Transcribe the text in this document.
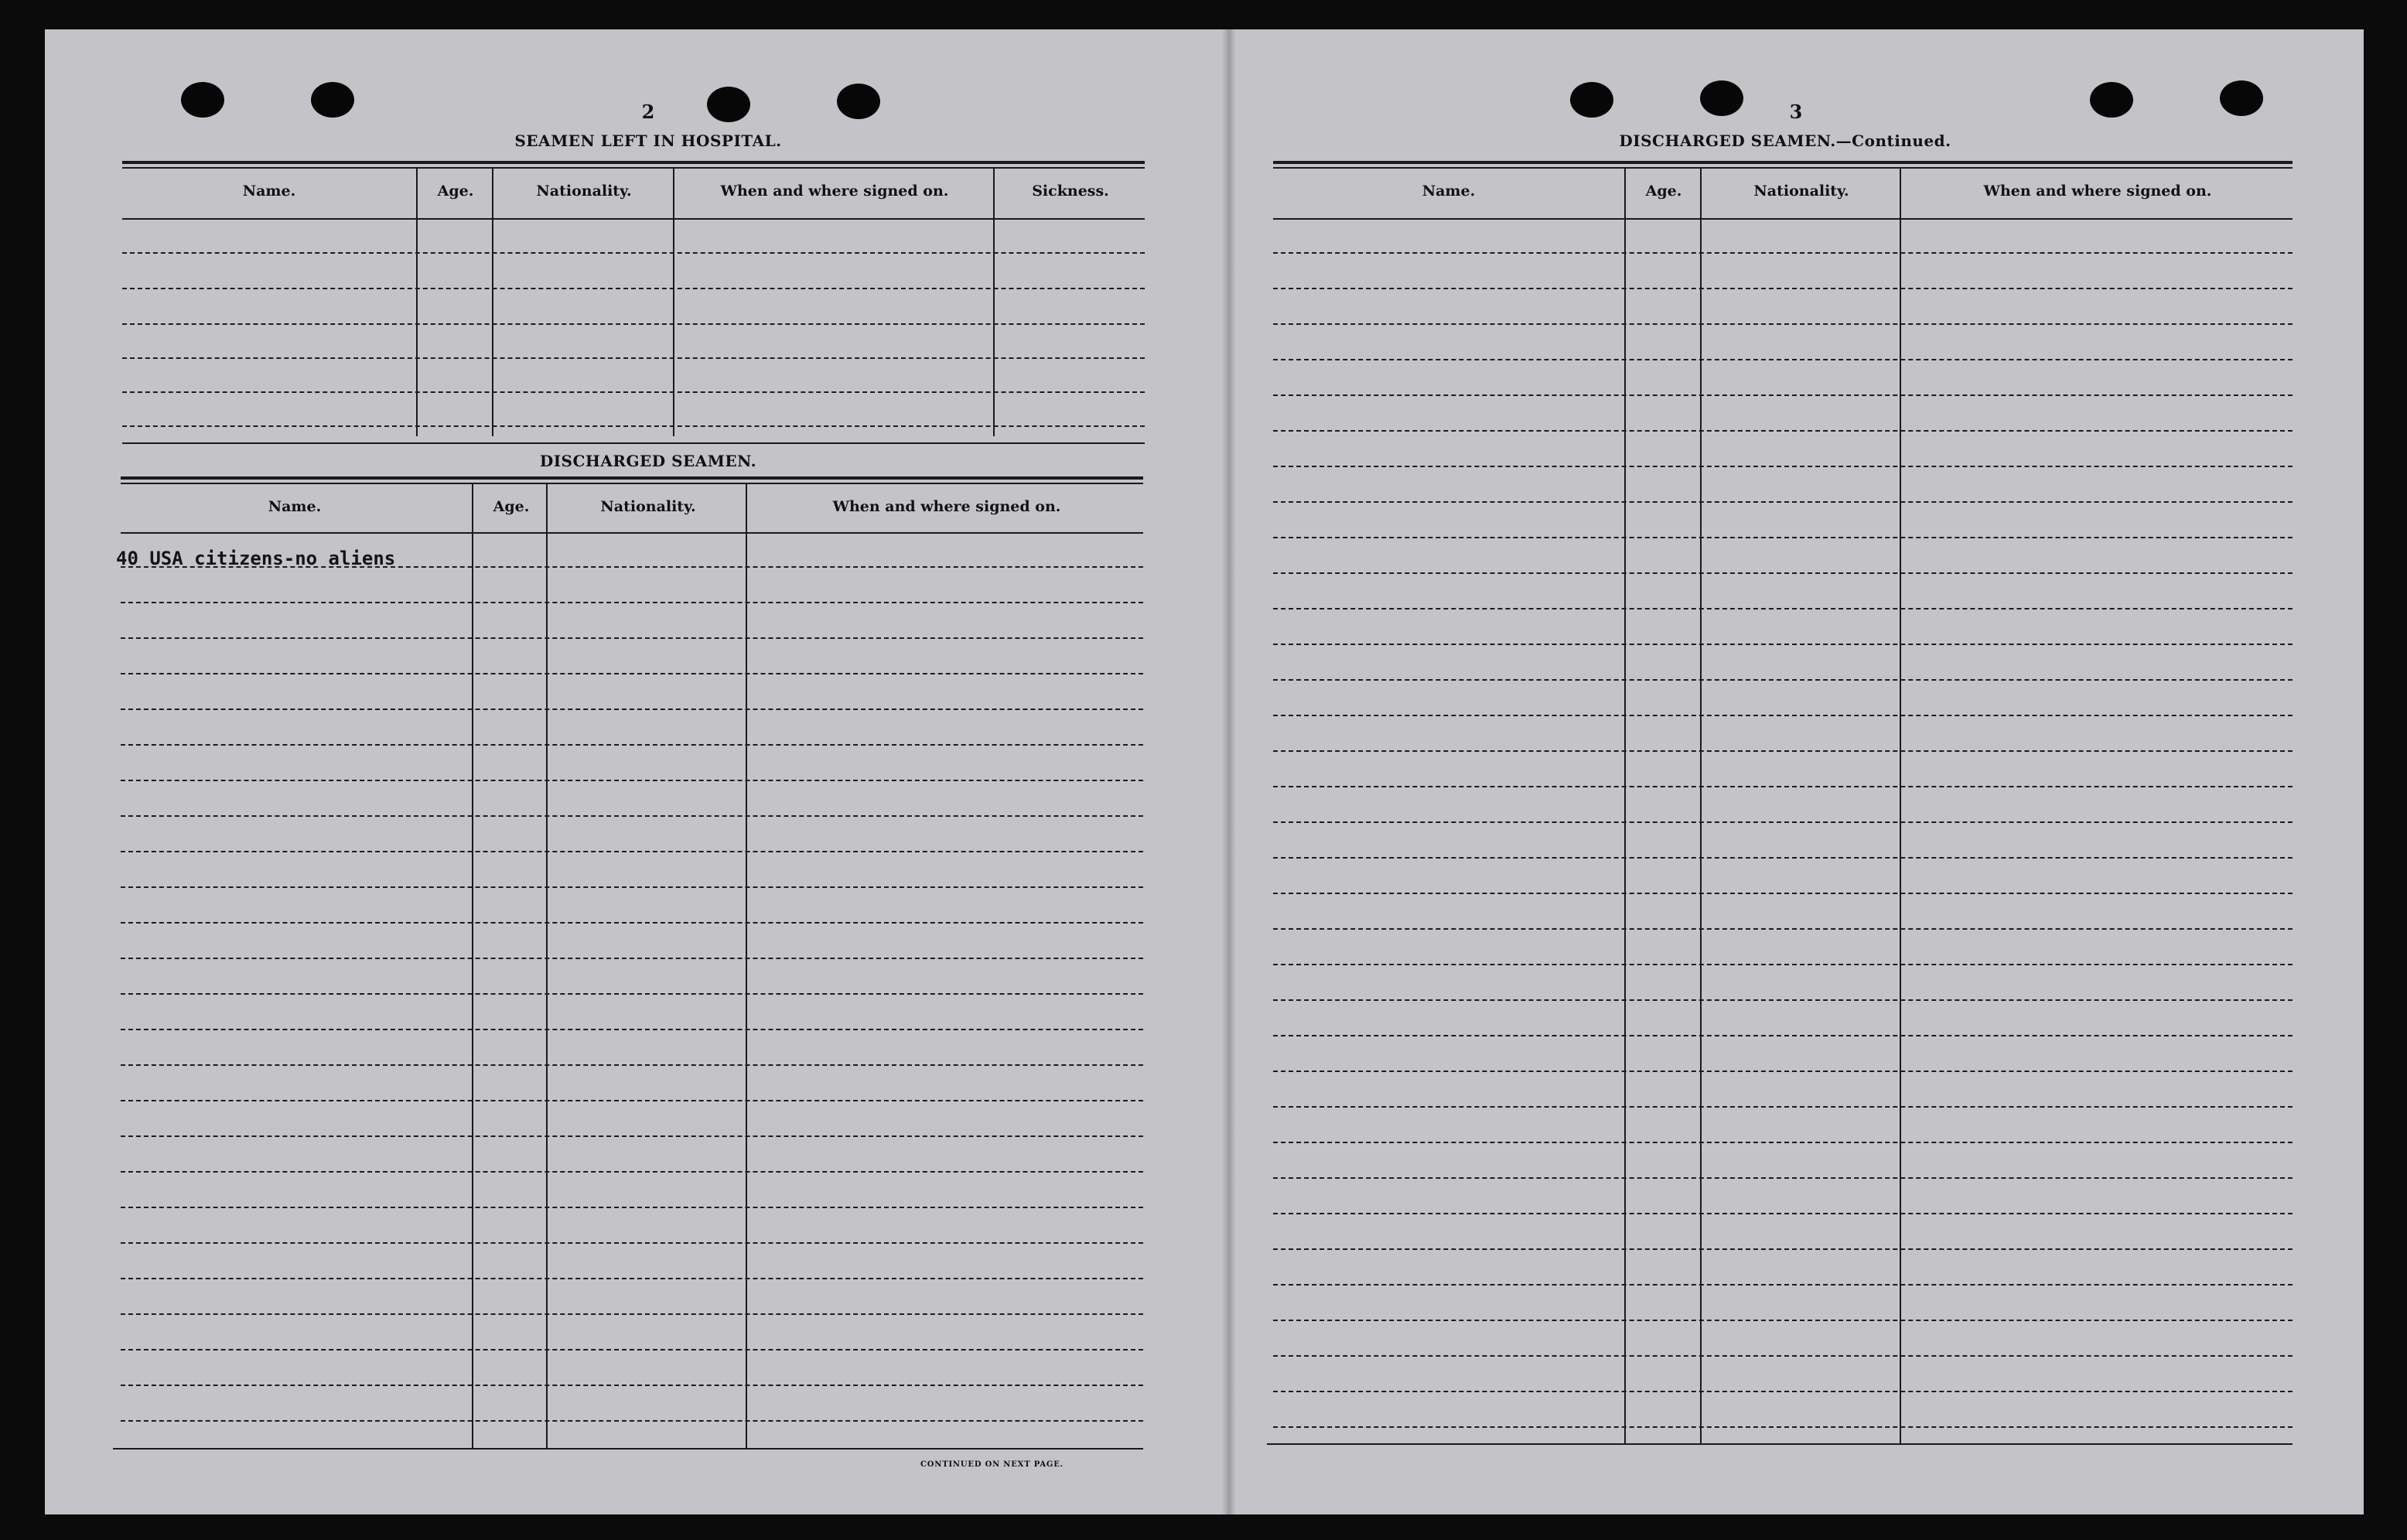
2
SEAMEN LEFT IN HOSPITAL.
Name.	Age.	Nationality.	When and where signed on.	Sickness.
DISCHARGED SEAMEN.
Name.	Age.	Nationality.	When and where signed on.
40 USA citizens-no aliens
CONTINUED ON NEXT PAGE.
3
DISCHARGED SEAMEN.—Continued.
Name.	Age.	Nationality.	When and where signed on.
